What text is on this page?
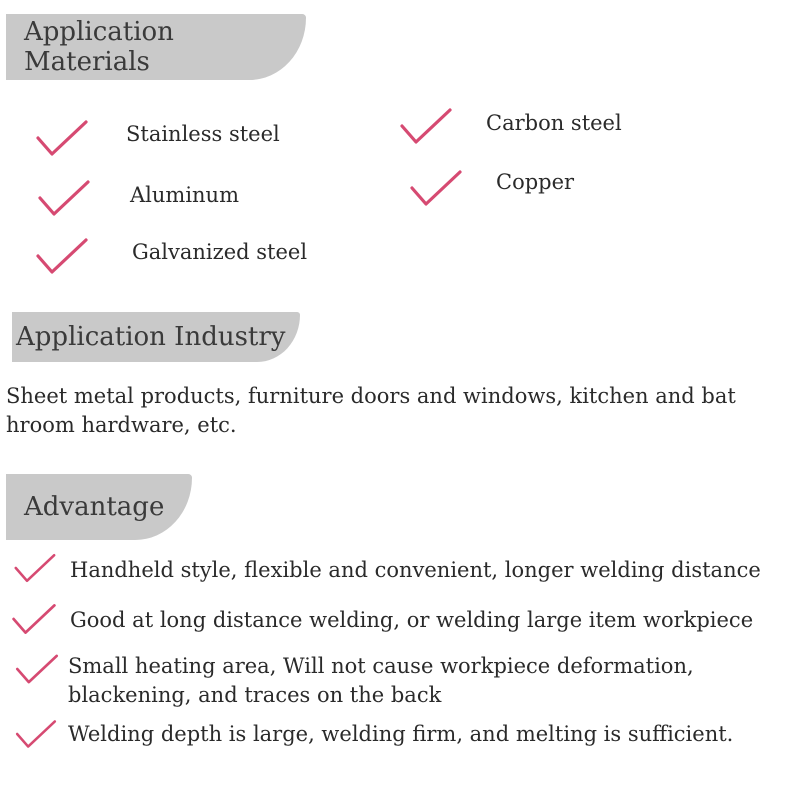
Application Materials
Stainless steel	Carbon steel
Aluminum
Copper
Galvanized steel
Application Industry
Sheet metal products, furniture doors and windows, kitchen and bathroom hardware, etc.
Advantage
Handheld style, flexible and convenient, longer welding distance
Good at long distance welding, or welding large item workpiece
Small heating area, Will not cause workpiece deformation, blackening, and traces on the back
Welding depth is large, welding firm, and melting is sufficient.
